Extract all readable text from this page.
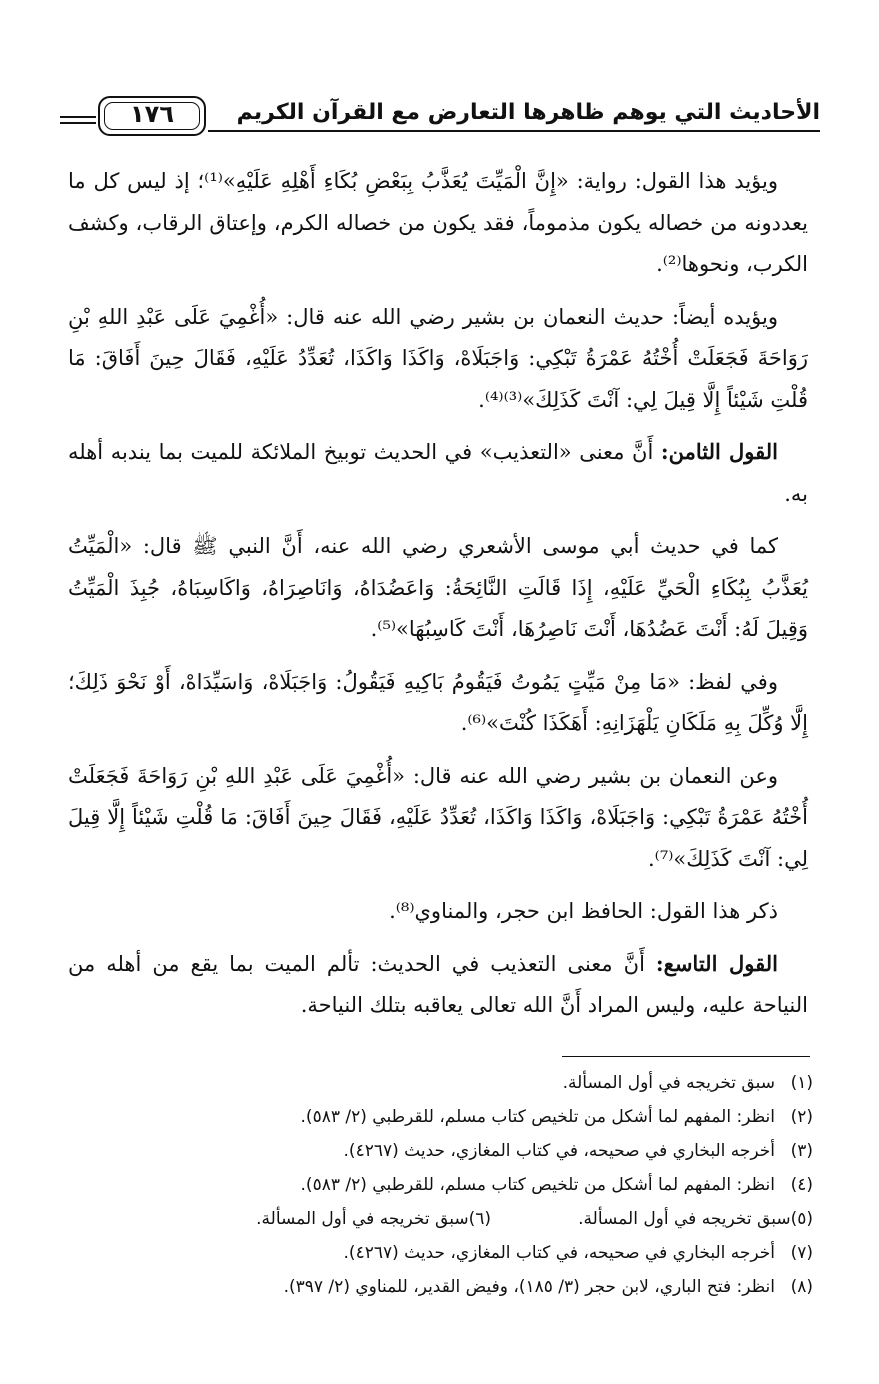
الأحاديث التي يوهم ظاهرها التعارض مع القرآن الكريم
١٧٦

ويؤيد هذا القول: رواية: «إِنَّ الْمَيِّتَ يُعَذَّبُ بِبَعْضِ بُكَاءِ أَهْلِهِ عَلَيْهِ»⁽¹⁾؛ إذ ليس كل ما يعددونه من خصاله يكون مذموماً، فقد يكون من خصاله الكرم، وإعتاق الرقاب، وكشف الكرب، ونحوها⁽²⁾.

ويؤيده أيضاً: حديث النعمان بن بشير رضي الله عنه قال: «أُغْمِيَ عَلَى عَبْدِ اللهِ بْنِ رَوَاحَةَ فَجَعَلَتْ أُخْتُهُ عَمْرَةُ تَبْكِي: وَاجَبَلَاهْ، وَاكَذَا وَاكَذَا، تُعَدِّدُ عَلَيْهِ، فَقَالَ حِينَ أَفَاقَ: مَا قُلْتِ شَيْئاً إِلَّا قِيلَ لِي: آنْتَ كَذَلِكَ»⁽³⁾⁽⁴⁾.

القول الثامن: أَنَّ معنى «التعذيب» في الحديث توبيخ الملائكة للميت بما يندبه أهله به.

كما في حديث أبي موسى الأشعري رضي الله عنه، أَنَّ النبي ﷺ قال: «الْمَيِّتُ يُعَذَّبُ بِبُكَاءِ الْحَيِّ عَلَيْهِ، إِذَا قَالَتِ النَّائِحَةُ: وَاعَضُدَاهُ، وَانَاصِرَاهُ، وَاكَاسِبَاهُ، جُبِذَ الْمَيِّتُ وَقِيلَ لَهُ: أَنْتَ عَضُدُهَا، أَنْتَ نَاصِرُهَا، أَنْتَ كَاسِبُهَا»⁽⁵⁾.

وفي لفظ: «مَا مِنْ مَيِّتٍ يَمُوتُ فَيَقُومُ بَاكِيهِ فَيَقُولُ: وَاجَبَلَاهْ، وَاسَيِّدَاهْ، أَوْ نَحْوَ ذَلِكَ؛ إِلَّا وُكِّلَ بِهِ مَلَكَانِ يَلْهَزَانِهِ: أَهَكَذَا كُنْتَ»⁽⁶⁾.

وعن النعمان بن بشير رضي الله عنه قال: «أُغْمِيَ عَلَى عَبْدِ اللهِ بْنِ رَوَاحَةَ فَجَعَلَتْ أُخْتُهُ عَمْرَةُ تَبْكِي: وَاجَبَلَاهْ، وَاكَذَا وَاكَذَا، تُعَدِّدُ عَلَيْهِ، فَقَالَ حِينَ أَفَاقَ: مَا قُلْتِ شَيْئاً إِلَّا قِيلَ لِي: آنْتَ كَذَلِكَ»⁽⁷⁾.

ذكر هذا القول: الحافظ ابن حجر، والمناوي⁽⁸⁾.

القول التاسع: أَنَّ معنى التعذيب في الحديث: تألم الميت بما يقع من أهله من النياحة عليه، وليس المراد أَنَّ الله تعالى يعاقبه بتلك النياحة.

(١)سبق تخريجه في أول المسألة.
(٢)انظر: المفهم لما أشكل من تلخيص كتاب مسلم، للقرطبي (٢/ ٥٨٣).
(٣)أخرجه البخاري في صحيحه، في كتاب المغازي، حديث (٤٢٦٧).
(٤)انظر: المفهم لما أشكل من تلخيص كتاب مسلم، للقرطبي (٢/ ٥٨٣).
(٥)سبق تخريجه في أول المسألة.
(٦)سبق تخريجه في أول المسألة.
(٧)أخرجه البخاري في صحيحه، في كتاب المغازي، حديث (٤٢٦٧).
(٨)انظر: فتح الباري، لابن حجر (٣/ ١٨٥)، وفيض القدير، للمناوي (٢/ ٣٩٧).
